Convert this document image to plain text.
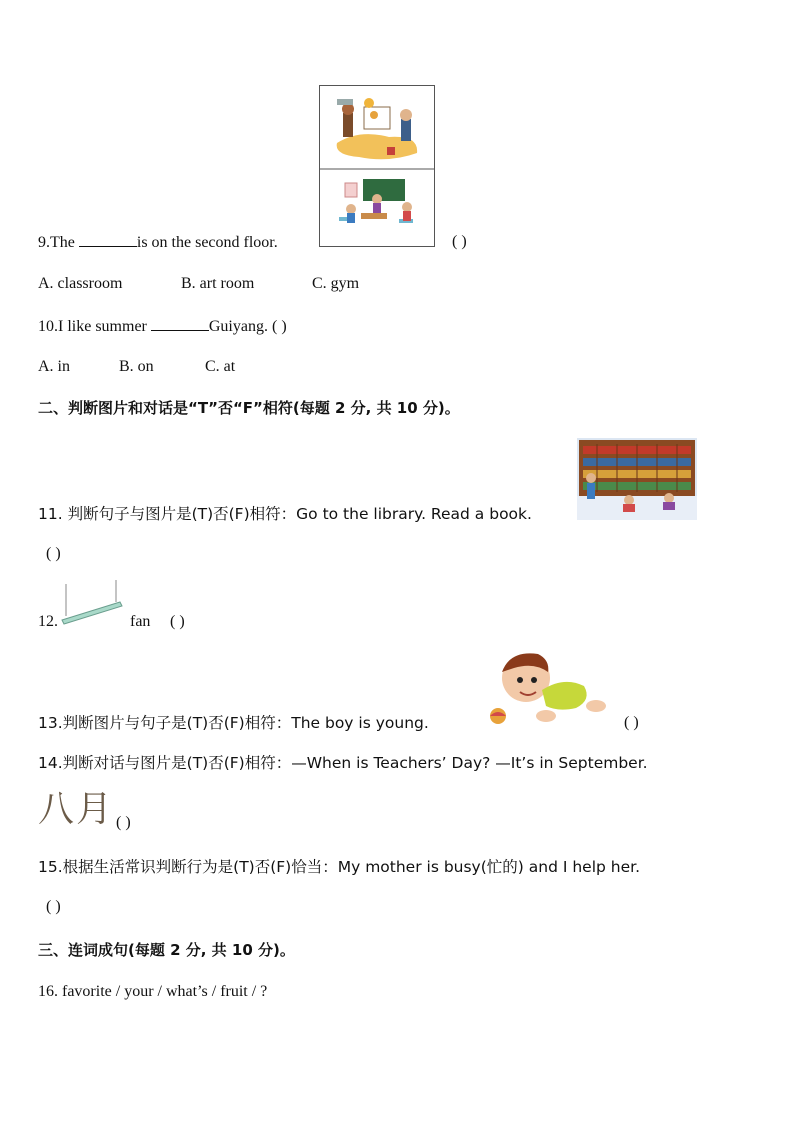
9.The	is on the second floor.	( )
A. classroom	B. art room	C. gym
10.I like summer	Guiyang. ( )
A. in	B. on	C. at
二、判断图片和对话是“T”否“F”相符(每题 2 分, 共 10 分)。
11. 判断句子与图片是(T)否(F)相符：Go to the library. Read a book.
( )
12.	fan ( )
13.判断图片与句子是(T)否(F)相符：The boy is young.	( )
14.判断对话与图片是(T)否(F)相符：—When is Teachers’ Day? —It’s in September.
八月 ( )
15.根据生活常识判断行为是(T)否(F)恰当：My mother is busy(忙的) and I help her.
( )
三、连词成句(每题 2 分, 共 10 分)。
16. favorite / your / what’s / fruit / ?
